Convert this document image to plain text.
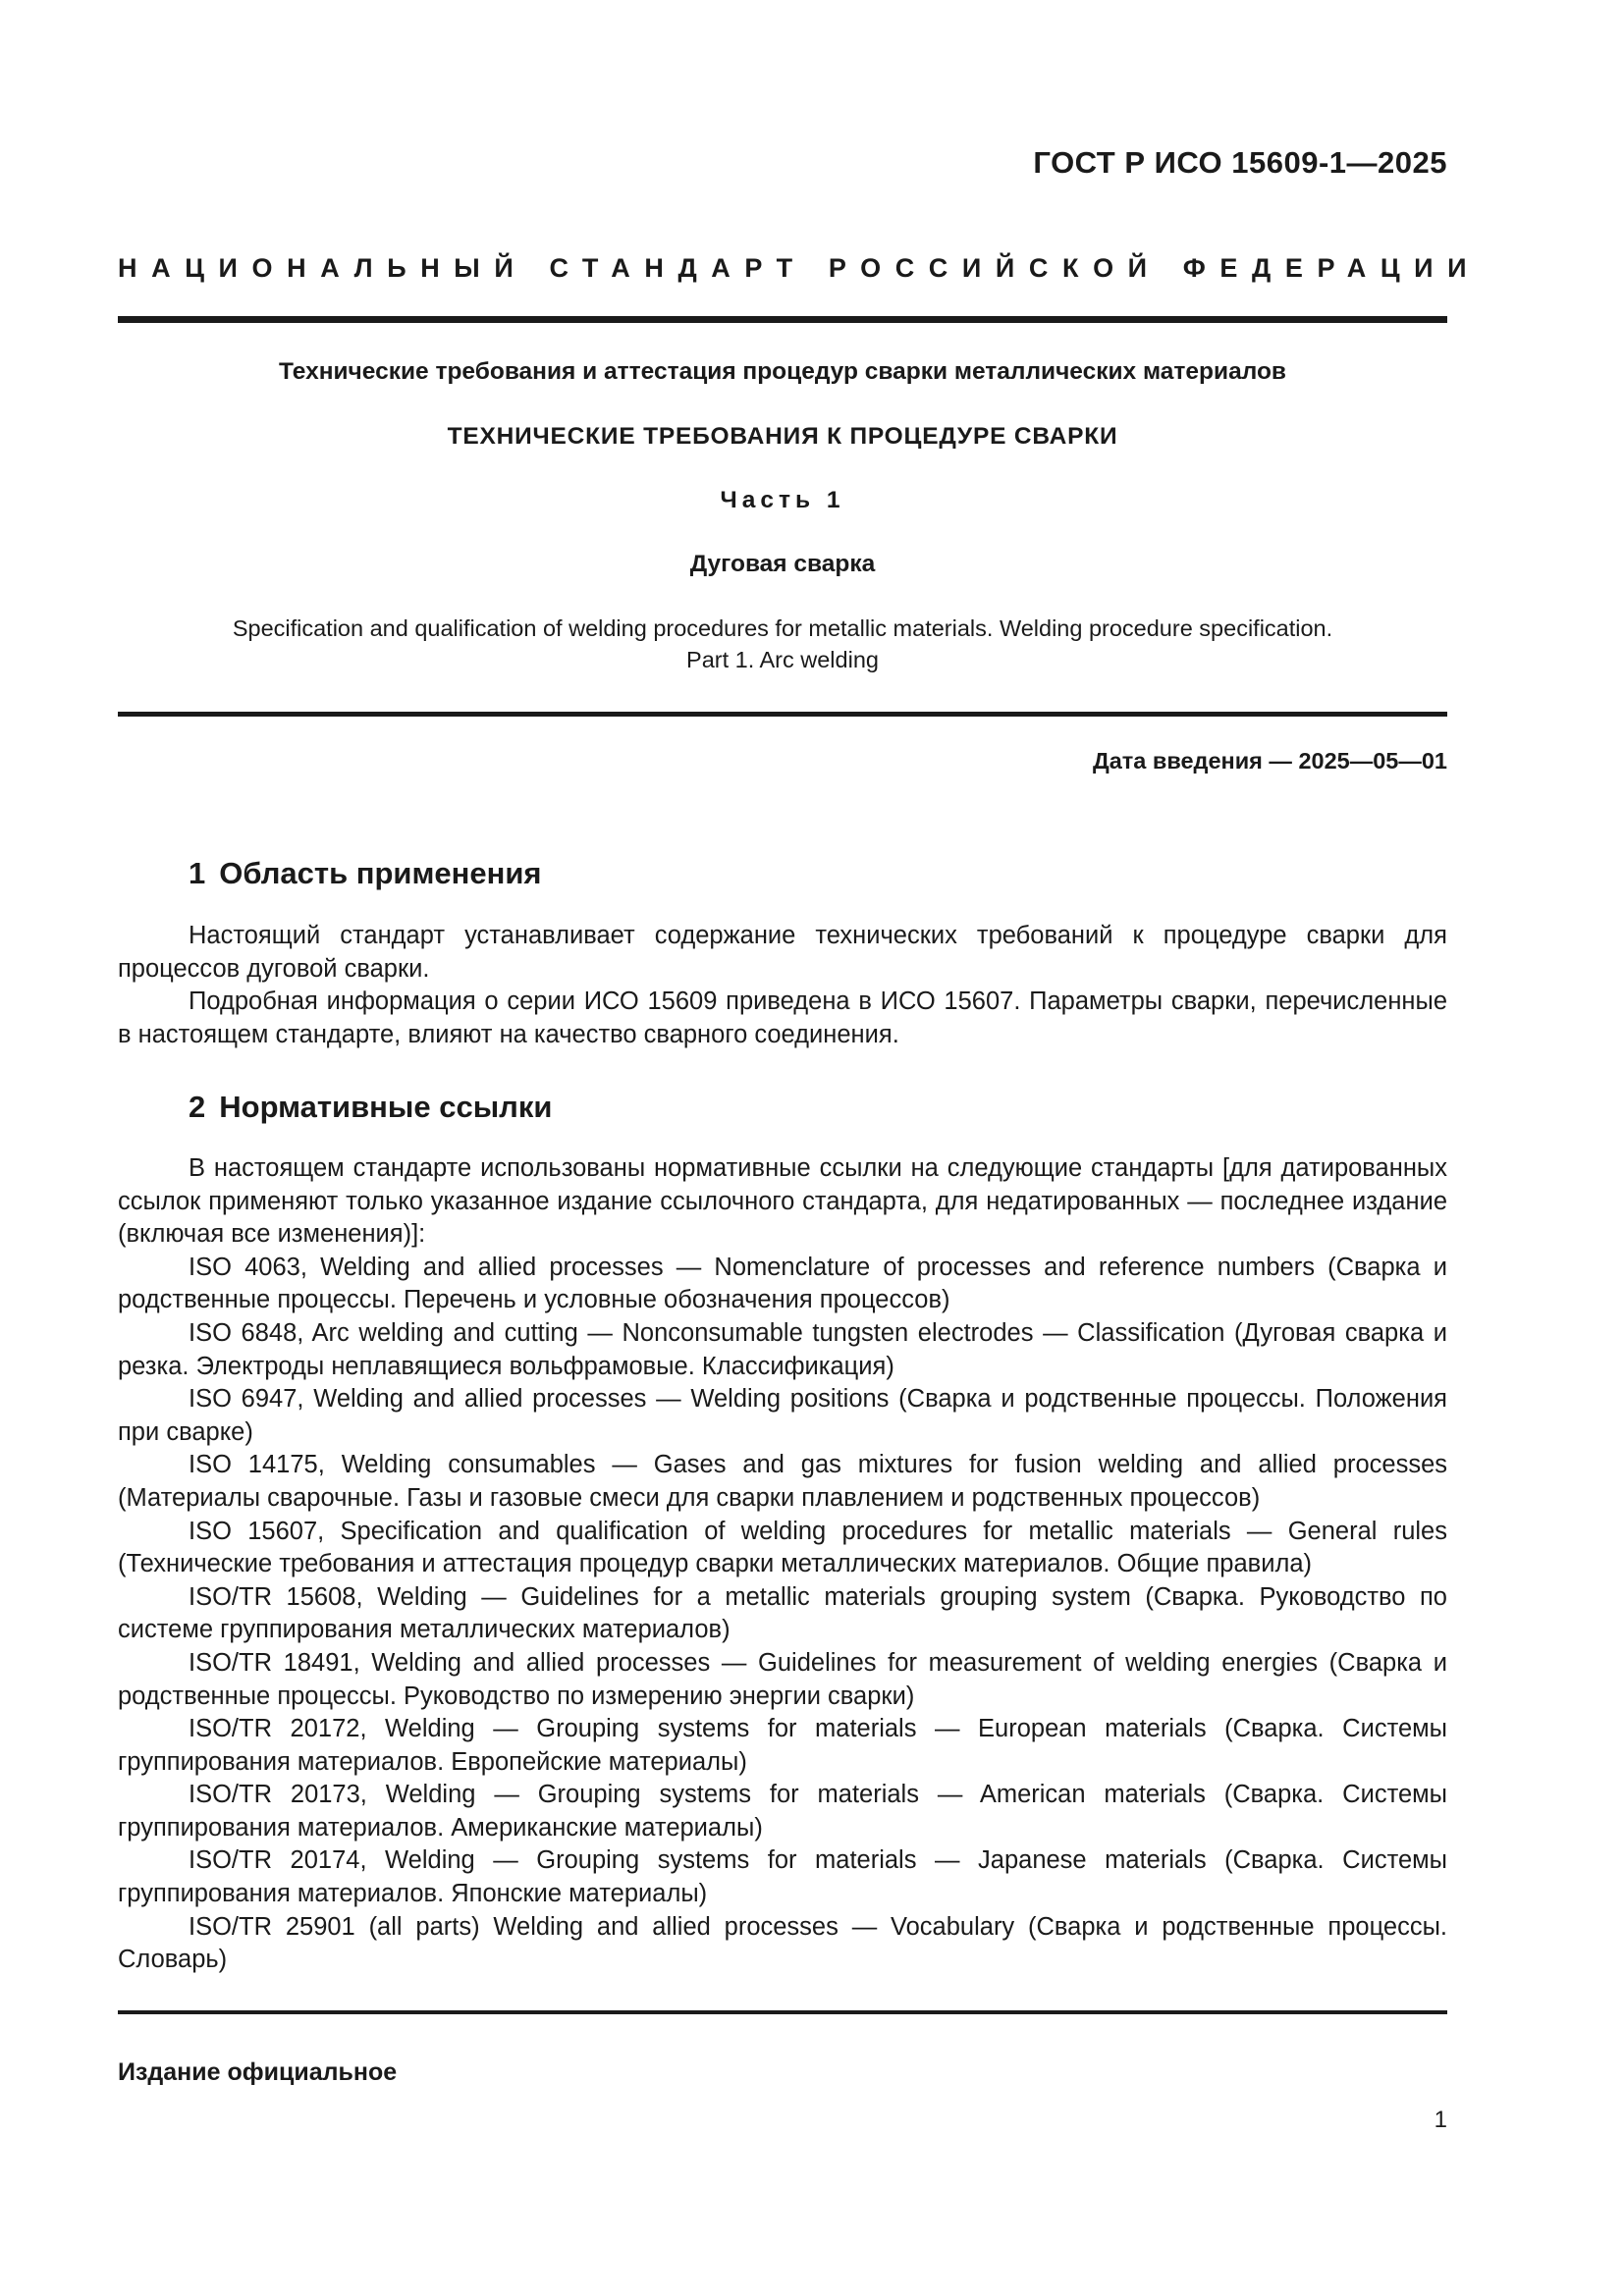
ГОСТ Р ИСО 15609-1—2025
НАЦИОНАЛЬНЫЙ СТАНДАРТ РОССИЙСКОЙ ФЕДЕРАЦИИ
Технические требования и аттестация процедур сварки металлических материалов
ТЕХНИЧЕСКИЕ ТРЕБОВАНИЯ К ПРОЦЕДУРЕ СВАРКИ
Часть 1
Дуговая сварка
Specification and qualification of welding procedures for metallic materials. Welding procedure specification.
Part 1. Arc welding
Дата введения — 2025—05—01
1 Область применения

Настоящий стандарт устанавливает содержание технических требований к процедуре сварки для процессов дуговой сварки.

Подробная информация о серии ИСО 15609 приведена в ИСО 15607. Параметры сварки, перечисленные в настоящем стандарте, влияют на качество сварного соединения.

2 Нормативные ссылки

В настоящем стандарте использованы нормативные ссылки на следующие стандарты [для датированных ссылок применяют только указанное издание ссылочного стандарта, для недатированных — последнее издание (включая все изменения)]:

ISO 4063, Welding and allied processes — Nomenclature of processes and reference numbers (Сварка и родственные процессы. Перечень и условные обозначения процессов)

ISO 6848, Arc welding and cutting — Nonconsumable tungsten electrodes — Classification (Дуговая сварка и резка. Электроды неплавящиеся вольфрамовые. Классификация)

ISO 6947, Welding and allied processes — Welding positions (Сварка и родственные процессы. Положения при сварке)

ISO 14175, Welding consumables — Gases and gas mixtures for fusion welding and allied processes (Материалы сварочные. Газы и газовые смеси для сварки плавлением и родственных процессов)

ISO 15607, Specification and qualification of welding procedures for metallic materials — General rules (Технические требования и аттестация процедур сварки металлических материалов. Общие правила)

ISO/TR 15608, Welding — Guidelines for a metallic materials grouping system (Сварка. Руководство по системе группирования металлических материалов)

ISO/TR 18491, Welding and allied processes — Guidelines for measurement of welding energies (Сварка и родственные процессы. Руководство по измерению энергии сварки)

ISO/TR 20172, Welding — Grouping systems for materials — European materials (Сварка. Системы группирования материалов. Европейские материалы)

ISO/TR 20173, Welding — Grouping systems for materials — American materials (Сварка. Системы группирования материалов. Американские материалы)

ISO/TR 20174, Welding — Grouping systems for materials — Japanese materials (Сварка. Системы группирования материалов. Японские материалы)

ISO/TR 25901 (all parts) Welding and allied processes — Vocabulary (Сварка и родственные процессы. Словарь)

Издание официальное
1
